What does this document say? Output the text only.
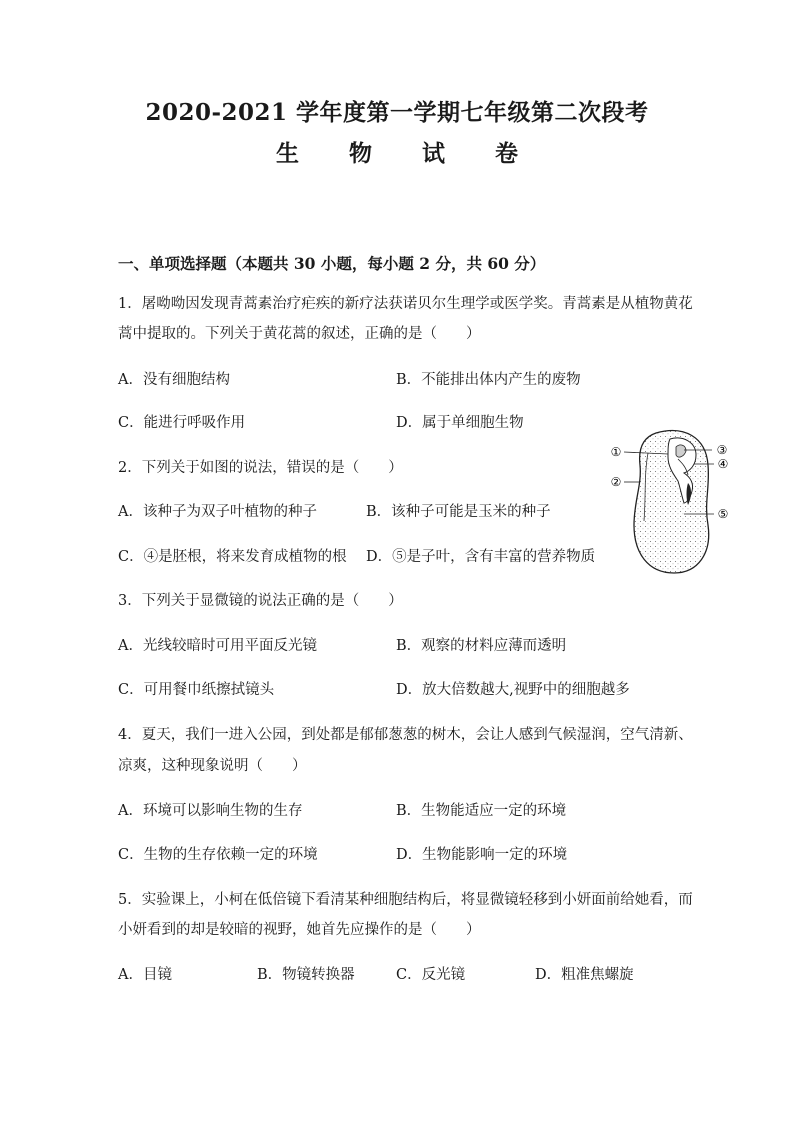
2020-2021 学年度第一学期七年级第二次段考
生 物 试 卷
一、单项选择题（本题共 30 小题，每小题 2 分，共 60 分）
1．屠呦呦因发现青蒿素治疗疟疾的新疗法获诺贝尔生理学或医学奖。青蒿素是从植物黄花
蒿中提取的。下列关于黄花蒿的叙述，正确的是（　　）
A．没有细胞结构	B．不能排出体内产生的废物
C．能进行呼吸作用	D．属于单细胞生物
2．下列关于如图的说法，错误的是（　　）
A．该种子为双子叶植物的种子	B．该种子可能是玉米的种子
C．④是胚根，将来发育成植物的根 D．⑤是子叶，含有丰富的营养物质
①
②
③
④
⑤
3．下列关于显微镜的说法正确的是（　　）
A．光线较暗时可用平面反光镜	B．观察的材料应薄而透明
C．可用餐巾纸擦拭镜头	D．放大倍数越大,视野中的细胞越多
4．夏天，我们一进入公园，到处都是郁郁葱葱的树木，会让人感到气候湿润，空气清新、
凉爽，这种现象说明（　　）
A．环境可以影响生物的生存	B．生物能适应一定的环境
C．生物的生存依赖一定的环境	D．生物能影响一定的环境
5．实验课上，小柯在低倍镜下看清某种细胞结构后，将显微镜轻移到小妍面前给她看，而
小妍看到的却是较暗的视野，她首先应操作的是（　　）
A．目镜	B．物镜转换器	C．反光镜	D．粗准焦螺旋
